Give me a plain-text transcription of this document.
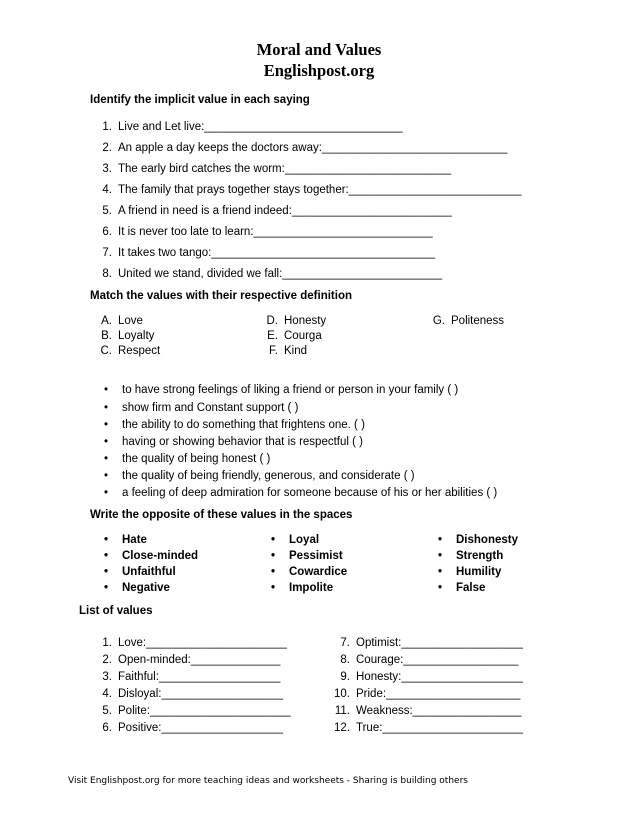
Moral and Values
Englishpost.org
Identify the implicit value in each saying
1. Live and Let live:_______________________________
2. An apple a day keeps the doctors away:_____________________________
3. The early bird catches the worm:__________________________
4. The family that prays together stays together:___________________________
5. A friend in need is a friend indeed:_________________________
6. It is never too late to learn:____________________________
7. It takes two tango:___________________________________
8. United we stand, divided we fall:_________________________
Match the values with their respective definition
A. Love
B. Loyalty
C. Respect
D. Honesty
E. Courga
F. Kind
G. Politeness
• to have strong feelings of liking a friend or person in your family ( )
• show firm and Constant support ( )
• the ability to do something that frightens one. ( )
• having or showing behavior that is respectful ( )
• the quality of being honest ( )
• the quality of being friendly, generous, and considerate ( )
• a feeling of deep admiration for someone because of his or her abilities ( )
Write the opposite of these values in the spaces
• Hate
• Close-minded
• Unfaithful
• Negative
• Loyal
• Pessimist
• Cowardice
• Impolite
• Dishonesty
• Strength
• Humility
• False
List of values
1. Love:______________________
2. Open-minded:______________
3. Faithful:___________________
4. Disloyal:___________________
5. Polite:______________________
6. Positive:___________________
7. Optimist:___________________
8. Courage:__________________
9. Honesty:___________________
10. Pride:_____________________
11. Weakness:_________________
12. True:______________________
Visit Englishpost.org for more teaching ideas and worksheets - Sharing is building others
